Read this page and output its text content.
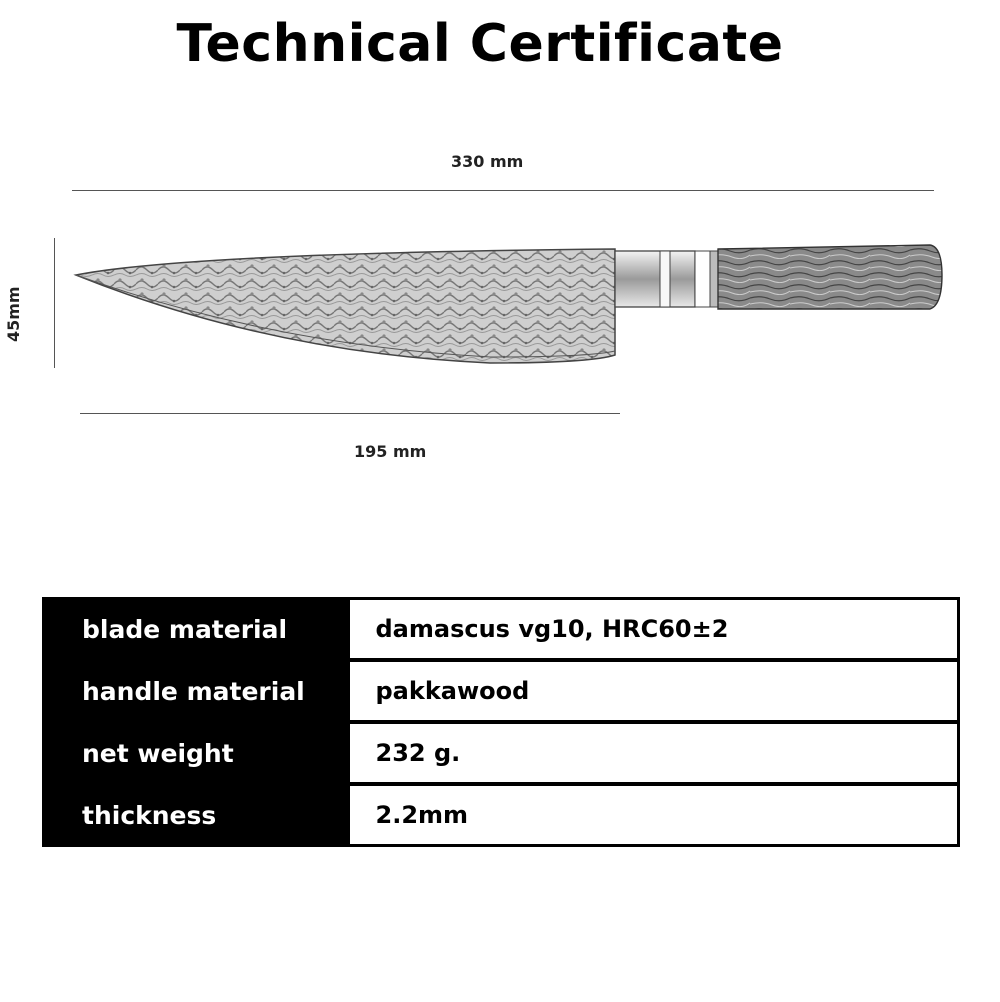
Technical Certificate
330 mm
45mm
195 mm
blade material	damascus vg10, HRC60±2
handle material	pakkawood
net weight	232 g.
thickness	2.2mm
